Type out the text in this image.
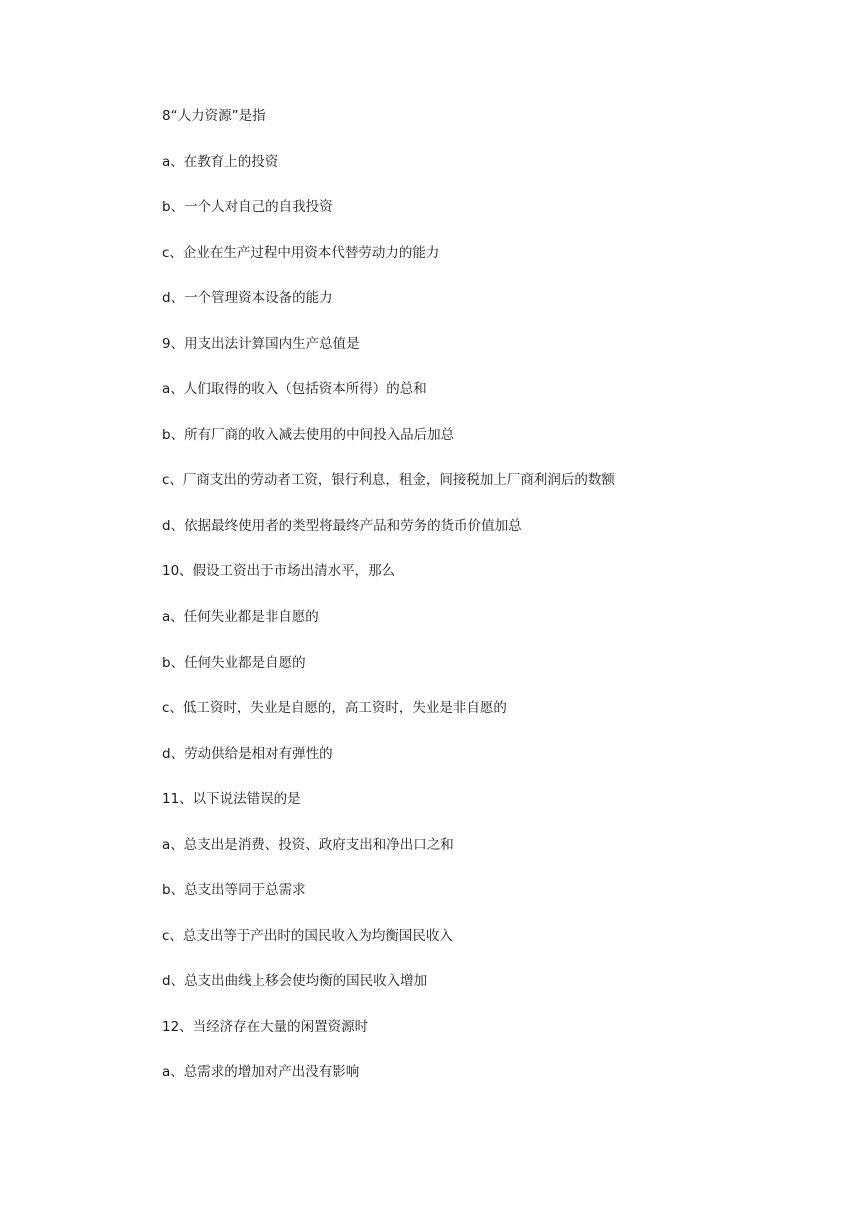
8“人力资源”是指
a、在教育上的投资
b、一个人对自己的自我投资
c、企业在生产过程中用资本代替劳动力的能力
d、一个管理资本设备的能力
9、用支出法计算国内生产总值是
a、人们取得的收入（包括资本所得）的总和
b、所有厂商的收入减去使用的中间投入品后加总
c、厂商支出的劳动者工资，银行利息，租金，间接税加上厂商利润后的数额
d、依据最终使用者的类型将最终产品和劳务的货币价值加总
10、假设工资出于市场出清水平，那么
a、任何失业都是非自愿的
b、任何失业都是自愿的
c、低工资时，失业是自愿的，高工资时，失业是非自愿的
d、劳动供给是相对有弹性的
11、以下说法错误的是
a、总支出是消费、投资、政府支出和净出口之和
b、总支出等同于总需求
c、总支出等于产出时的国民收入为均衡国民收入
d、总支出曲线上移会使均衡的国民收入增加
12、当经济存在大量的闲置资源时
a、总需求的增加对产出没有影响
